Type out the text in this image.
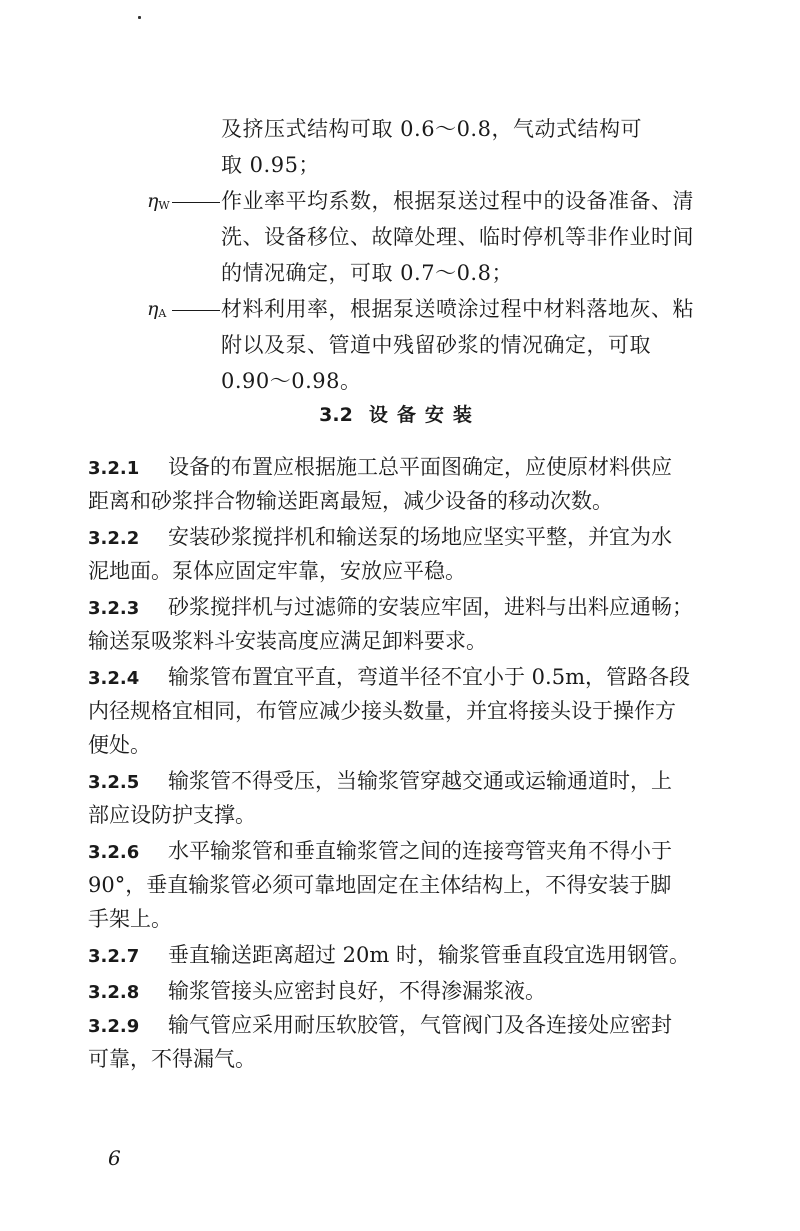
及挤压式结构可取 0.6～0.8，气动式结构可
取 0.95；
$\eta_W$ 作业率平均系数，根据泵送过程中的设备准备、清
洗、设备移位、故障处理、临时停机等非作业时间
的情况确定，可取 0.7～0.8；
$\eta_A$	材料利用率，根据泵送喷涂过程中材料落地灰、粘
附以及泵、管道中残留砂浆的情况确定，可取
0.90～0.98。
3.2 设备安装
3.2.1 设备的布置应根据施工总平面图确定，应使原材料供应
距离和砂浆拌合物输送距离最短，减少设备的移动次数。
3.2.2 安装砂浆搅拌机和输送泵的场地应坚实平整，并宜为水
泥地面。泵体应固定牢靠，安放应平稳。
3.2.3 砂浆搅拌机与过滤筛的安装应牢固，进料与出料应通畅；
输送泵吸浆料斗安装高度应满足卸料要求。
3.2.4 输浆管布置宜平直，弯道半径不宜小于 0.5m，管路各段
内径规格宜相同，布管应减少接头数量，并宜将接头设于操作方
便处。
3.2.5 输浆管不得受压，当输浆管穿越交通或运输通道时，上
部应设防护支撑。
3.2.6 水平输浆管和垂直输浆管之间的连接弯管夹角不得小于
90°，垂直输浆管必须可靠地固定在主体结构上，不得安装于脚
手架上。
3.2.7 垂直输送距离超过 20m 时，输浆管垂直段宜选用钢管。
3.2.8 输浆管接头应密封良好，不得渗漏浆液。
3.2.9 输气管应采用耐压软胶管，气管阀门及各连接处应密封
可靠，不得漏气。
6
